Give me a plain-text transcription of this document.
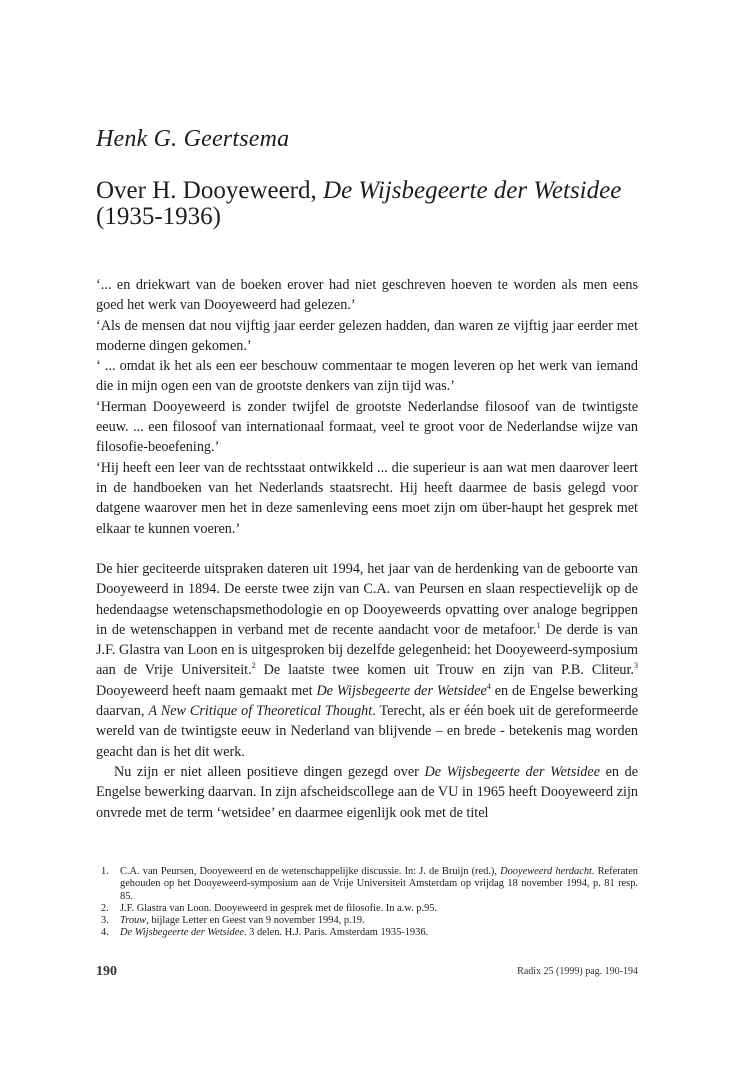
Henk G. Geertsema
Over H. Dooyeweerd, De Wijsbegeerte der Wetsidee
(1935-1936)

‘... en driekwart van de boeken erover had niet geschreven hoeven te worden als men eens goed het werk van Dooyeweerd had gelezen.’

‘Als de mensen dat nou vijftig jaar eerder gelezen hadden, dan waren ze vijftig jaar eerder met moderne dingen gekomen.’

‘ ... omdat ik het als een eer beschouw commentaar te mogen leveren op het werk van iemand die in mijn ogen een van de grootste denkers van zijn tijd was.’

‘Herman Dooyeweerd is zonder twijfel de grootste Nederlandse filosoof van de twintigste eeuw. ... een filosoof van internationaal formaat, veel te groot voor de Nederlandse wijze van filosofie-beoefening.’

‘Hij heeft een leer van de rechtsstaat ontwikkeld ... die superieur is aan wat men daarover leert in de handboeken van het Nederlands staatsrecht. Hij heeft daarmee de basis gelegd voor datgene waarover men het in deze samenleving eens moet zijn om über-haupt het gesprek met elkaar te kunnen voeren.’

De hier geciteerde uitspraken dateren uit 1994, het jaar van de herdenking van de geboorte van Dooyeweerd in 1894. De eerste twee zijn van C.A. van Peursen en slaan respectievelijk op de hedendaagse wetenschapsmethodologie en op Dooyeweerds opvatting over analoge begrippen in de wetenschappen in verband met de recente aandacht voor de metafoor.$^1$ De derde is van J.F. Glastra van Loon en is uitgesproken bij dezelfde gelegenheid: het Dooyeweerd-symposium aan de Vrije Universiteit.$^2$ De laatste twee komen uit Trouw en zijn van P.B. Cliteur.$^3$ Dooyeweerd heeft naam gemaakt met De Wijsbegeerte der Wetsidee$^4$ en de Engelse bewerking daarvan, A New Critique of Theoretical Thought. Terecht, als er één boek uit de gereformeerde wereld van de twintigste eeuw in Nederland van blijvende – en brede - betekenis mag worden geacht dan is het dit werk.

Nu zijn er niet alleen positieve dingen gezegd over De Wijsbegeerte der Wetsidee en de Engelse bewerking daarvan. In zijn afscheidscollege aan de VU in 1965 heeft Dooyeweerd zijn onvrede met de term ‘wetsidee’ en daarmee eigenlijk ook met de titel

1.	C.A. van Peursen, Dooyeweerd en de wetenschappelijke discussie. In: J. de Bruijn (red.), Dooyeweerd herdacht. Referaten gehouden op het Dooyeweerd-symposium aan de Vrije Universiteit Amsterdam op vrijdag 18 november 1994, p. 81 resp. 85.
2.	J.F. Glastra van Loon. Dooyeweerd in gesprek met de filosofie. In a.w. p.95.
3.	Trouw, bijlage Letter en Geest van 9 november 1994, p.19.
4.	De Wijsbegeerte der Wetsidee. 3 delen. H.J. Paris. Amsterdam 1935-1936.
190	Radix 25 (1999) pag. 190-194
